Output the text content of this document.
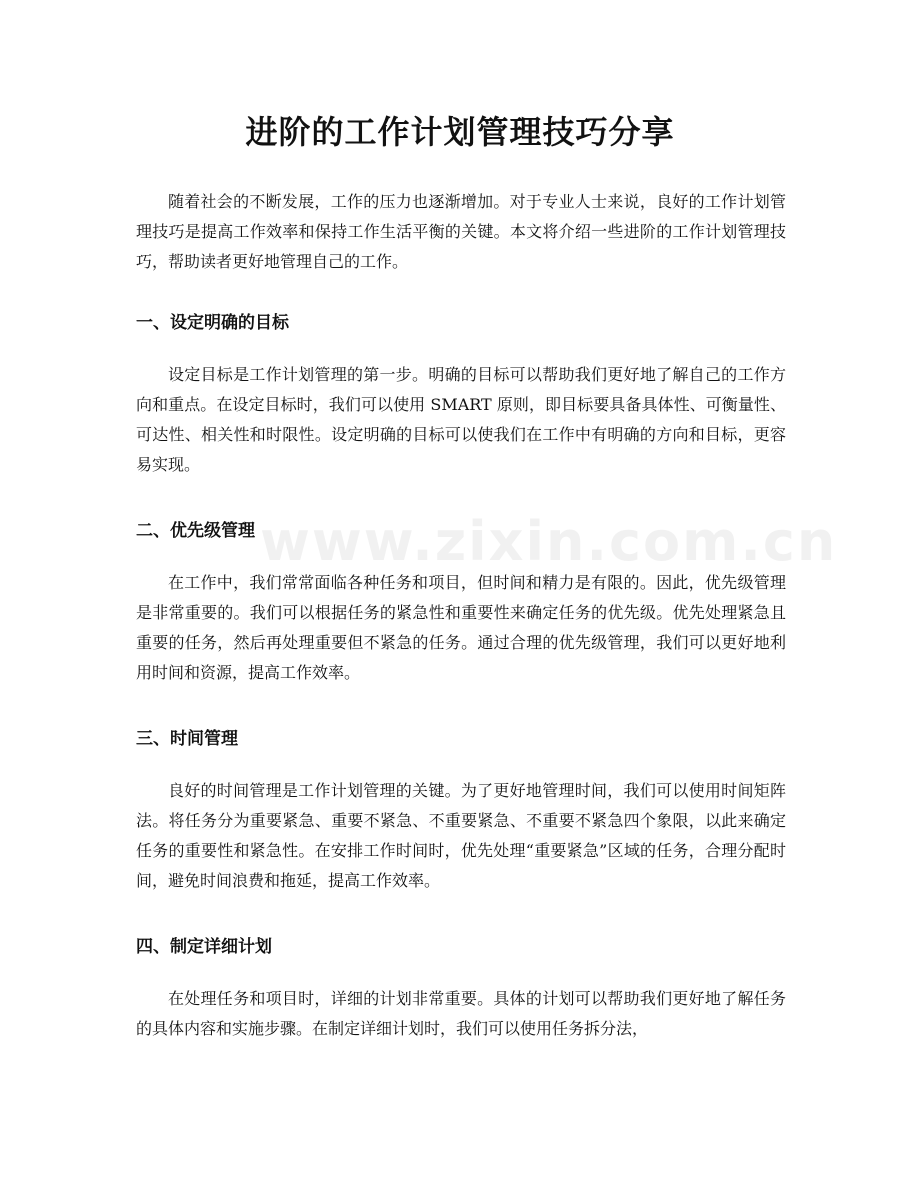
进阶的工作计划管理技巧分享

随着社会的不断发展，工作的压力也逐渐增加。对于专业人士来说，良好的工作计划管理技巧是提高工作效率和保持工作生活平衡的关键。本文将介绍一些进阶的工作计划管理技巧，帮助读者更好地管理自己的工作。

一、设定明确的目标

设定目标是工作计划管理的第一步。明确的目标可以帮助我们更好地了解自己的工作方向和重点。在设定目标时，我们可以使用 SMART 原则，即目标要具备具体性、可衡量性、可达性、相关性和时限性。设定明确的目标可以使我们在工作中有明确的方向和目标，更容易实现。

二、优先级管理

在工作中，我们常常面临各种任务和项目，但时间和精力是有限的。因此，优先级管理是非常重要的。我们可以根据任务的紧急性和重要性来确定任务的优先级。优先处理紧急且重要的任务，然后再处理重要但不紧急的任务。通过合理的优先级管理，我们可以更好地利用时间和资源，提高工作效率。

三、时间管理

良好的时间管理是工作计划管理的关键。为了更好地管理时间，我们可以使用时间矩阵法。将任务分为重要紧急、重要不紧急、不重要紧急、不重要不紧急四个象限，以此来确定任务的重要性和紧急性。在安排工作时间时，优先处理“重要紧急”区域的任务，合理分配时间，避免时间浪费和拖延，提高工作效率。

四、制定详细计划

在处理任务和项目时，详细的计划非常重要。具体的计划可以帮助我们更好地了解任务的具体内容和实施步骤。在制定详细计划时，我们可以使用任务拆分法，

www.zixin.com.cn
